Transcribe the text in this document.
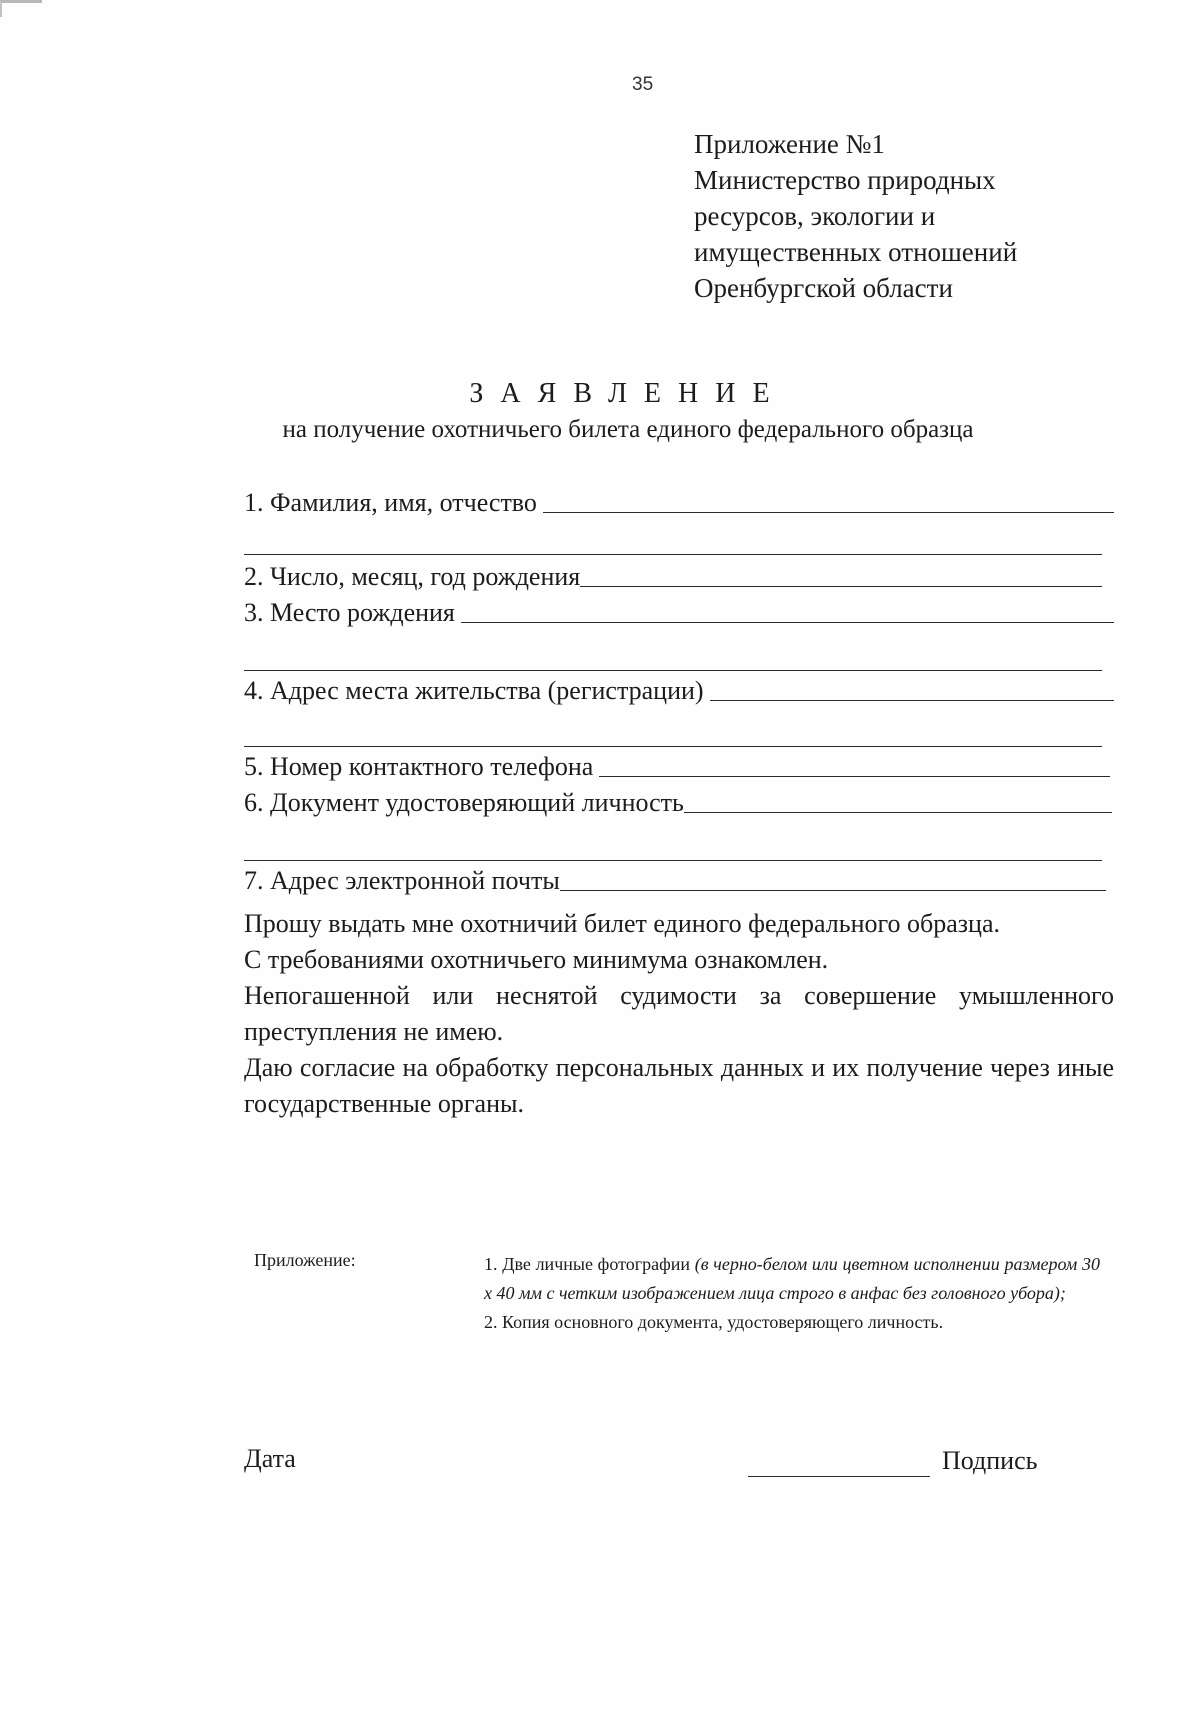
35
Приложение №1
Министерство природных
ресурсов, экологии и
имущественных отношений
Оренбургской области
ЗАЯВЛЕНИЕ
на получение охотничьего билета единого федерального образца
1. Фамилия, имя, отчество
2. Число, месяц, год рождения
3. Место рождения
4. Адрес места жительства (регистрации)
5. Номер контактного телефона
6. Документ удостоверяющий личность
7. Адрес электронной почты

Прошу выдать мне охотничий билет единого федерального образца.

С требованиями охотничьего минимума ознакомлен.

Непогашенной или неснятой судимости за совершение умышленного преступления не имею.

Даю согласие на обработку персональных данных и их получение через иные государственные органы.

Приложение:	1. Две личные фотографии (в черно-белом или цветном исполнении размером 30 х 40 мм с четким изображением лица строго в анфас без головного убора);
2. Копия основного документа, удостоверяющего личность.
Дата	Подпись
